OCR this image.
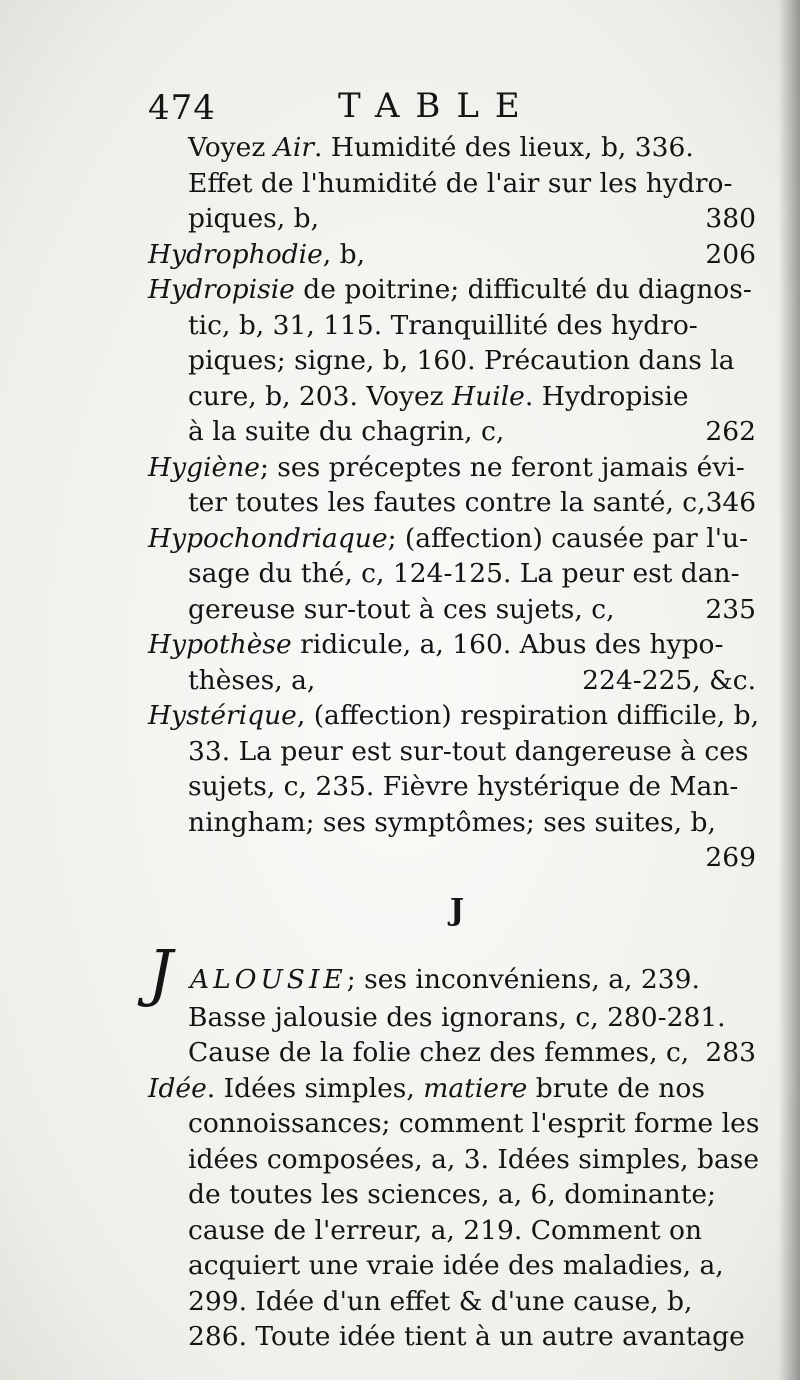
474	TABLE
Voyez Air. Humidité des lieux, b, 336.
Effet de l'humidité de l'air sur les hydro-
piques, b,	380
Hydrophodie, b,	206
Hydropisie de poitrine; difficulté du diagnos-
tic, b, 31, 115. Tranquillité des hydro-
piques; signe, b, 160. Précaution dans la
cure, b, 203. Voyez Huile. Hydropisie
à la suite du chagrin, c,	262
Hygiène; ses préceptes ne feront jamais évi-
ter toutes les fautes contre la santé, c, 346
Hypochondriaque; (affection) causée par l'u-
sage du thé, c, 124-125. La peur est dan-
gereuse sur-tout à ces sujets, c,	235
Hypothèse ridicule, a, 160. Abus des hypo-
thèses, a,	224-225, &c.
Hystérique, (affection) respiration difficile, b,
33. La peur est sur-tout dangereuse à ces
sujets, c, 235. Fièvre hystérique de Man-
ningham; ses symptômes; ses suites, b,
269
J
J ALOUSIE; ses inconvéniens, a, 239.
Basse jalousie des ignorans, c, 280-281.
Cause de la folie chez des femmes, c, 283
Idée. Idées simples, matiere brute de nos
connoissances; comment l'esprit forme les
idées composées, a, 3. Idées simples, base
de toutes les sciences, a, 6, dominante;
cause de l'erreur, a, 219. Comment on
acquiert une vraie idée des maladies, a,
299. Idée d'un effet & d'une cause, b,
286. Toute idée tient à un autre avantage
